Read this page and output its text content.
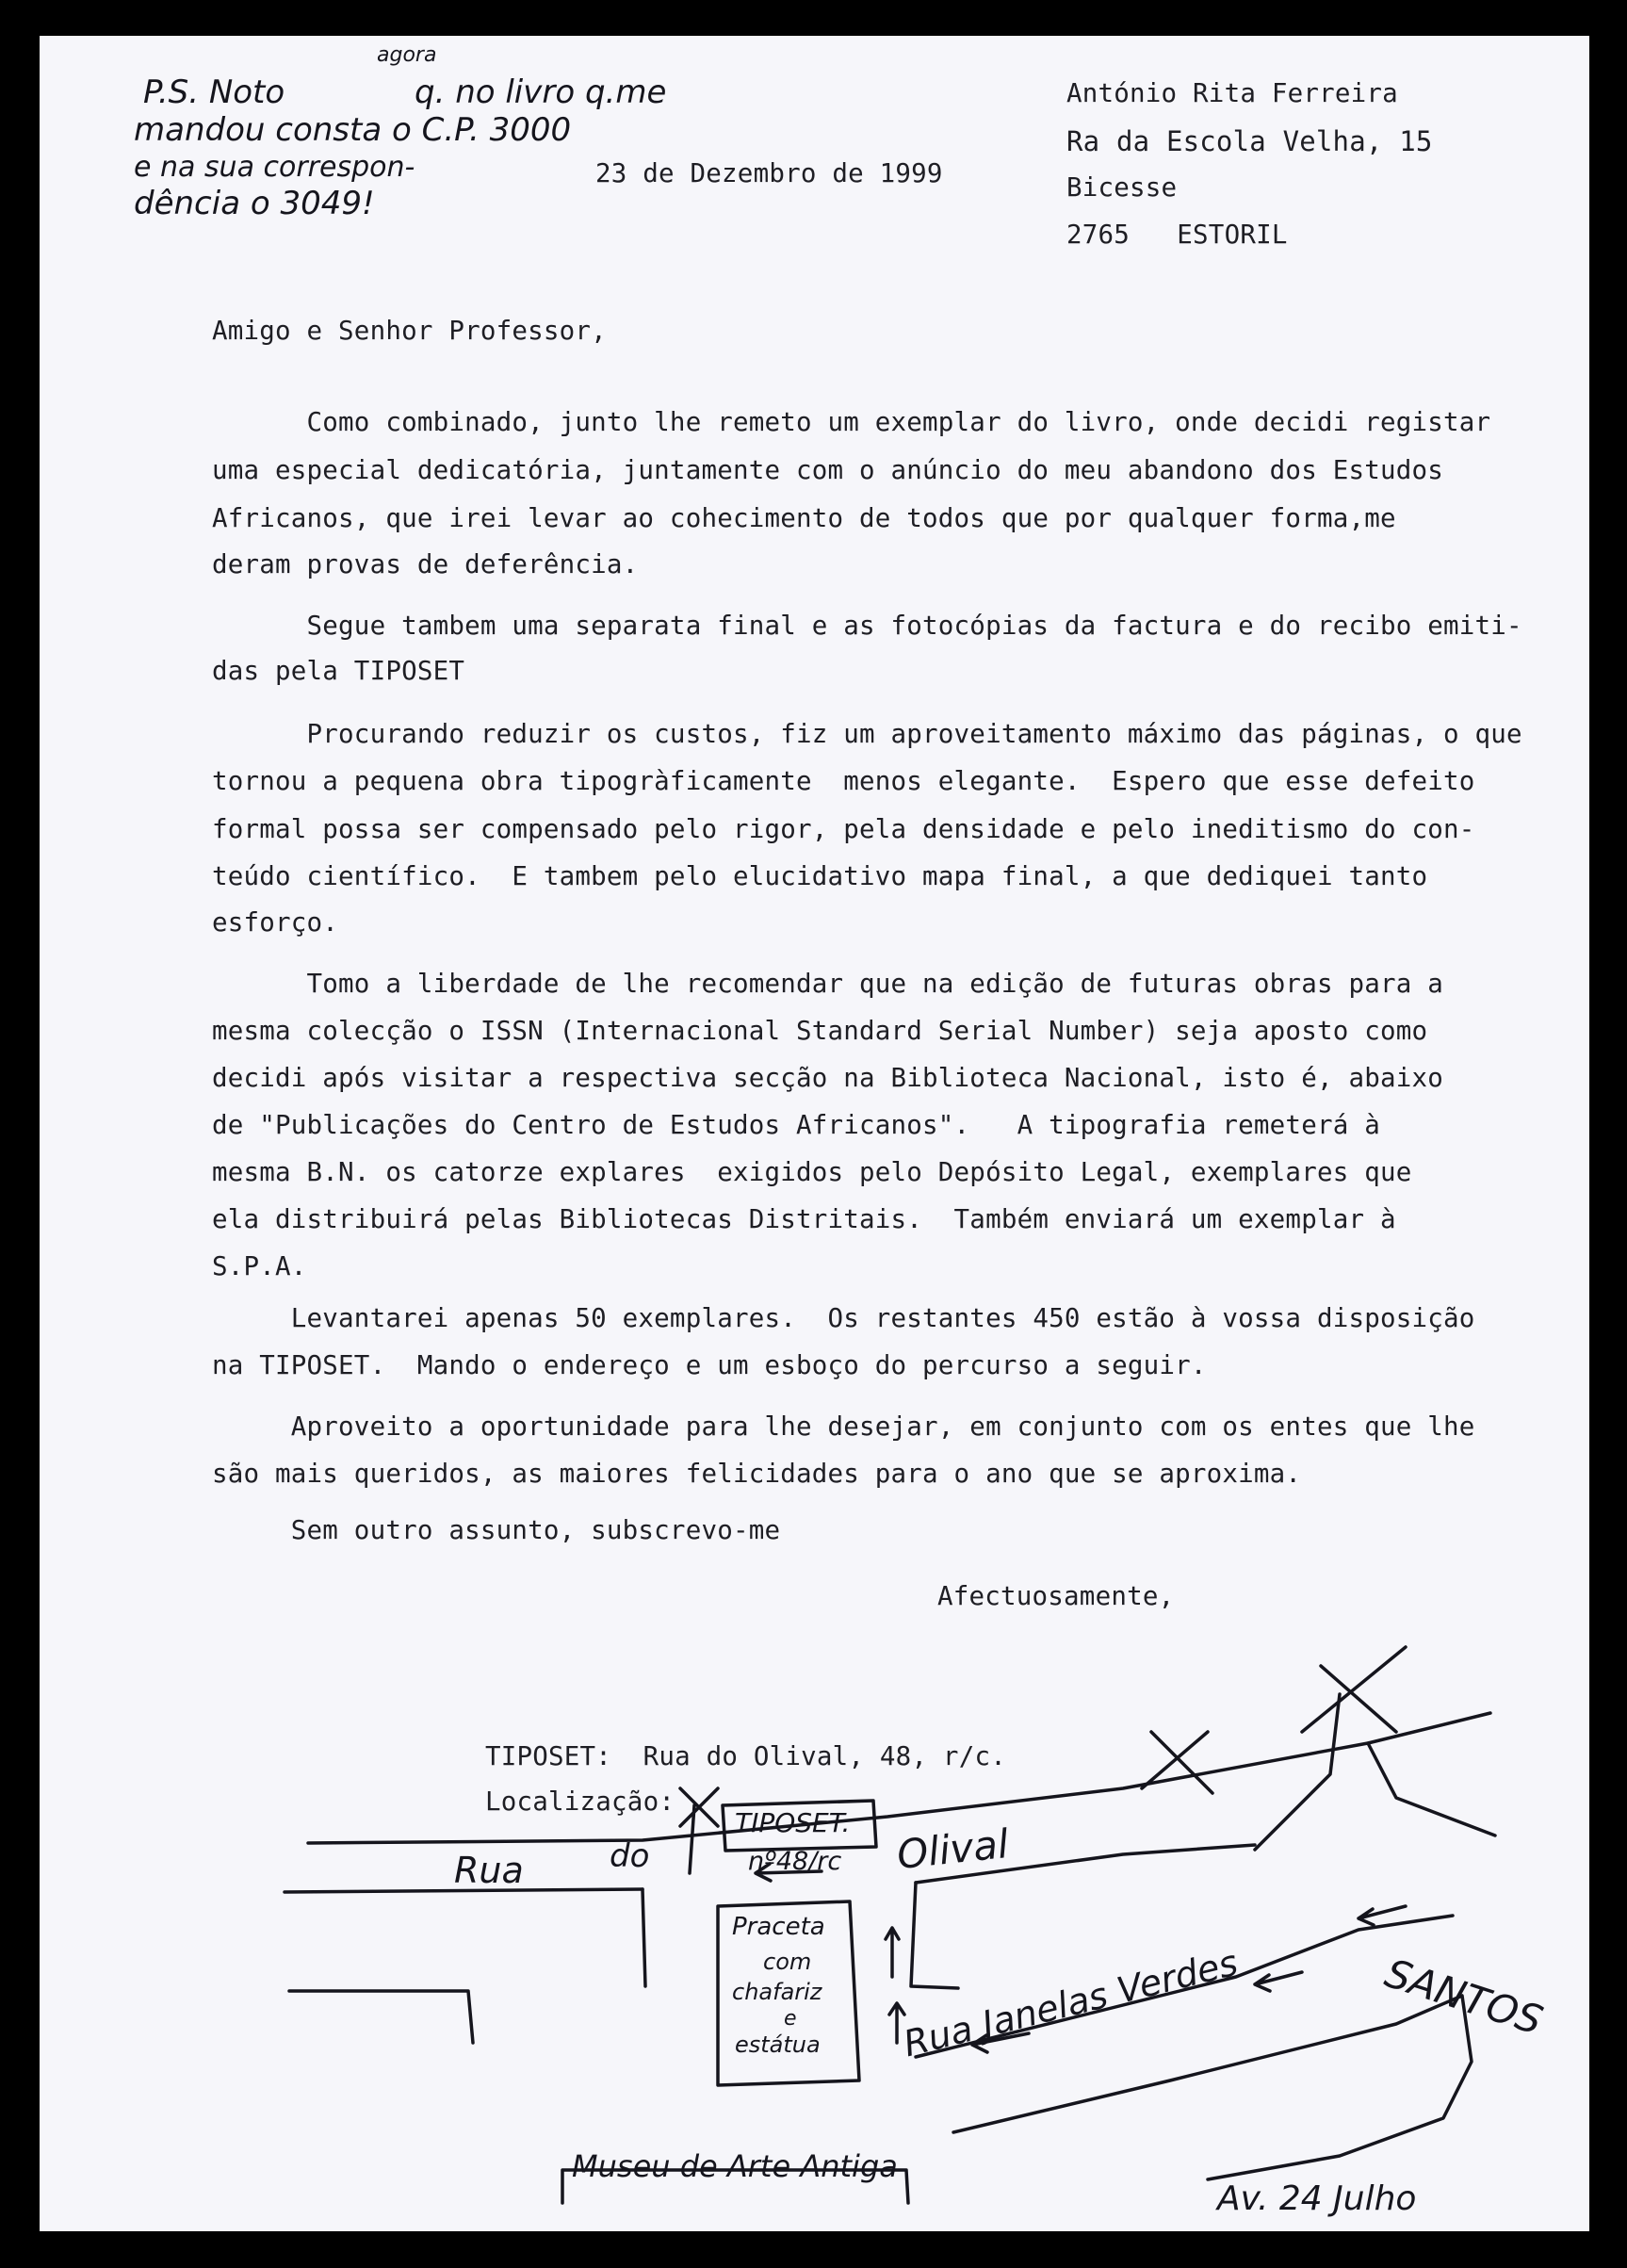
P.S. Noto
agora
q. no livro q.me
mandou consta o C.P. 3000
e na sua correspon-
dência o 3049!
23 de Dezembro de 1999
António Rita Ferreira
Ra da Escola Velha, 15
Bicesse
2765   ESTORIL
Amigo e Senhor Professor,
Como combinado, junto lhe remeto um exemplar do livro, onde decidi registar
uma especial dedicatória, juntamente com o anúncio do meu abandono dos Estudos
Africanos, que irei levar ao cohecimento de todos que por qualquer forma,me
deram provas de deferência.
Segue tambem uma separata final e as fotocópias da factura e do recibo emiti-
das pela TIPOSET
Procurando reduzir os custos, fiz um aproveitamento máximo das páginas, o que
tornou a pequena obra tipogràficamente  menos elegante.  Espero que esse defeito
formal possa ser compensado pelo rigor, pela densidade e pelo ineditismo do con-
teúdo científico.  E tambem pelo elucidativo mapa final, a que dediquei tanto
esforço.
Tomo a liberdade de lhe recomendar que na edição de futuras obras para a
mesma colecção o ISSN (Internacional Standard Serial Number) seja aposto como
decidi após visitar a respectiva secção na Biblioteca Nacional, isto é, abaixo
de "Publicações do Centro de Estudos Africanos".   A tipografia remeterá à
mesma B.N. os catorze explares  exigidos pelo Depósito Legal, exemplares que
ela distribuirá pelas Bibliotecas Distritais.  Também enviará um exemplar à
S.P.A.
Levantarei apenas 50 exemplares.  Os restantes 450 estão à vossa disposição
na TIPOSET.  Mando o endereço e um esboço do percurso a seguir.
Aproveito a oportunidade para lhe desejar, em conjunto com os entes que lhe
são mais queridos, as maiores felicidades para o ano que se aproxima.
Sem outro assunto, subscrevo-me
Afectuosamente,
TIPOSET:  Rua do Olival, 48, r/c.
Localização:
TIPOSET.
nº48/rc
Rua	do	Olival
Praceta
com
chafariz
e
estátua Rua Janelas Verdes	SANTOS
Museu de Arte Antiga
Av. 24 Julho
